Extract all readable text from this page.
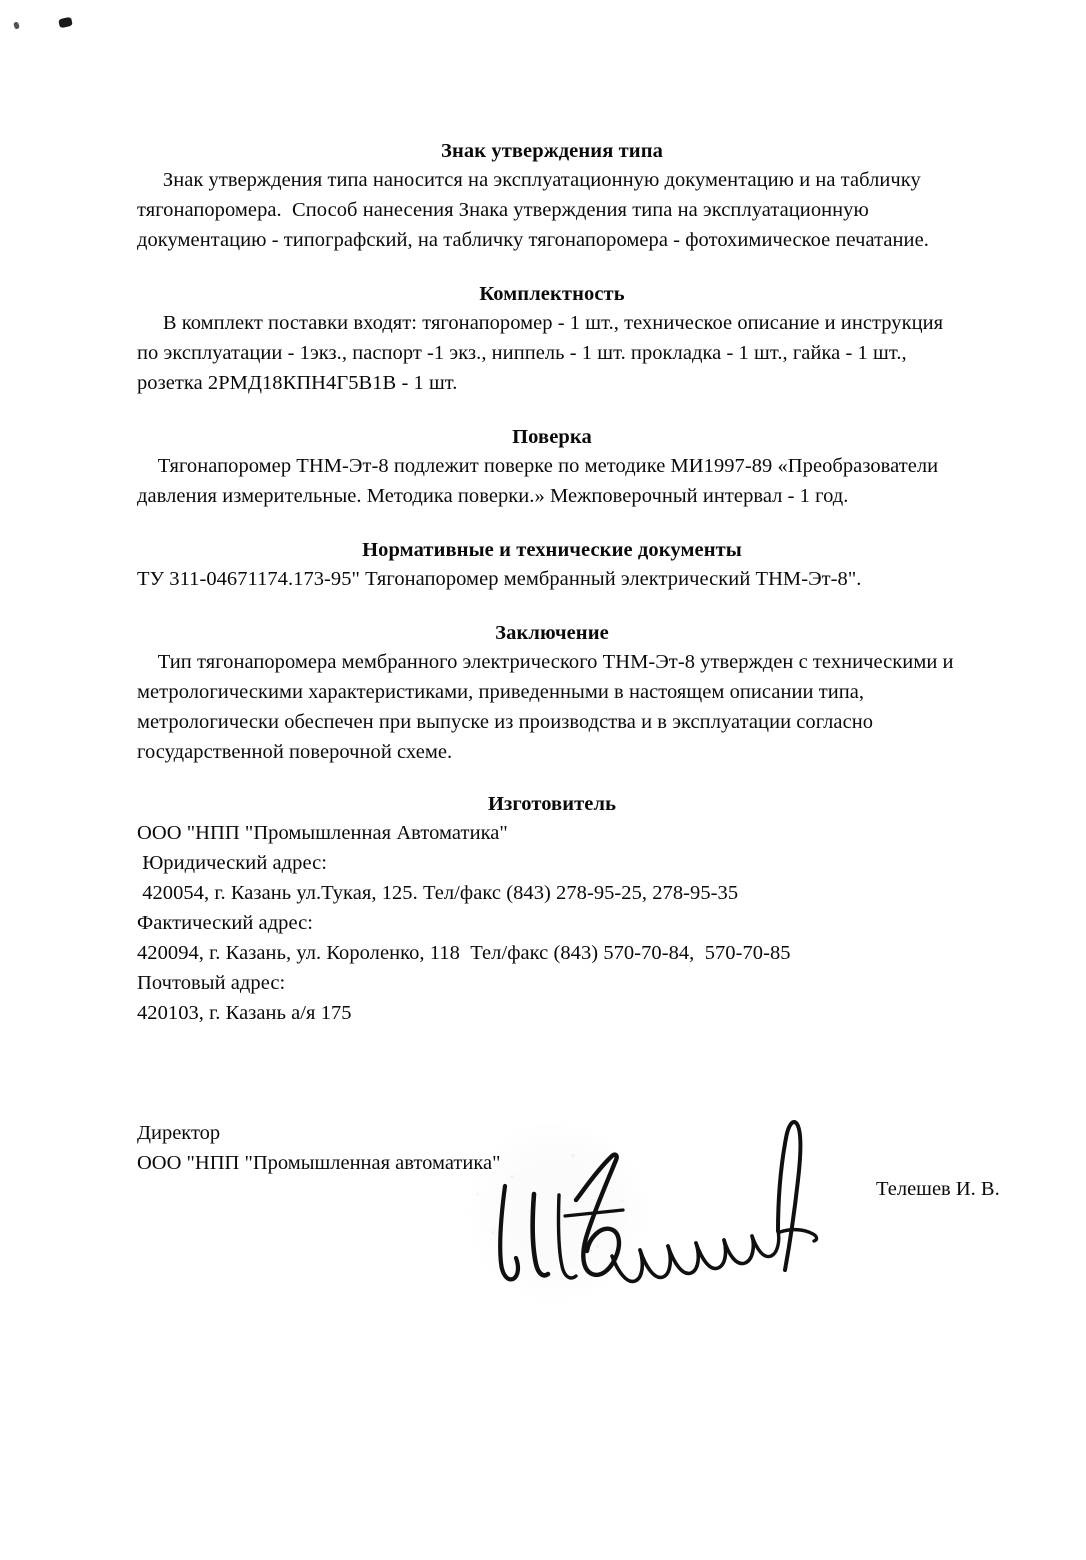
Знак утверждения типа

Знак утверждения типа наносится на эксплуатационную документацию и на табличку тягонапоромера.  Способ нанесения Знака утверждения типа на эксплуатационную документацию - типографский, на табличку тягонапоромера - фотохимическое печатание.

Комплектность

В комплект поставки входят: тягонапоромер - 1 шт., техническое описание и инструкция по эксплуатации - 1экз., паспорт -1 экз., ниппель - 1 шт. прокладка - 1 шт., гайка - 1 шт., розетка 2РМД18КПН4Г5В1В - 1 шт.

Поверка

Тягонапоромер ТНМ-Эт-8 подлежит поверке по методике МИ1997-89 «Преобразователи давления измерительные. Методика поверки.» Межповерочный интервал - 1 год.

Нормативные и технические документы

ТУ 311-04671174.173-95" Тягонапоромер мембранный электрический ТНМ-Эт-8".

Заключение

Тип тягонапоромера мембранного электрического ТНМ-Эт-8 утвержден с техническими и метрологическими характеристиками, приведенными в настоящем описании типа, метрологически обеспечен при выпуске из производства и в эксплуатации согласно государственной поверочной схеме.

Изготовитель

ООО "НПП "Промышленная Автоматика"

Юридический адрес:

420054, г. Казань ул.Тукая, 125. Тел/факс (843) 278-95-25, 278-95-35

Фактический адрес:

420094, г. Казань, ул. Короленко, 118  Тел/факс (843) 570-70-84,  570-70-85

Почтовый адрес:

420103, г. Казань а/я 175

Директор
ООО "НПП "Промышленная автоматика"
Телешев И. В.
